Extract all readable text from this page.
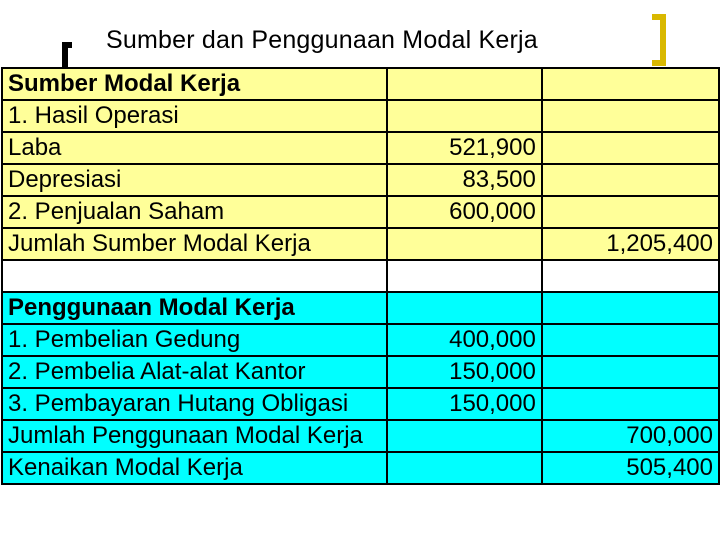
Sumber dan Penggunaan Modal Kerja
Sumber Modal Kerja		
1. Hasil Operasi		
Laba	521,900	
Depresiasi	83,500	
2. Penjualan Saham	600,000	
Jumlah Sumber Modal Kerja		1,205,400

Penggunaan Modal Kerja		
1. Pembelian Gedung	400,000	
2. Pembelia Alat-alat Kantor	150,000	
3. Pembayaran Hutang Obligasi	150,000	
Jumlah Penggunaan Modal Kerja		700,000
Kenaikan Modal Kerja		505,400
